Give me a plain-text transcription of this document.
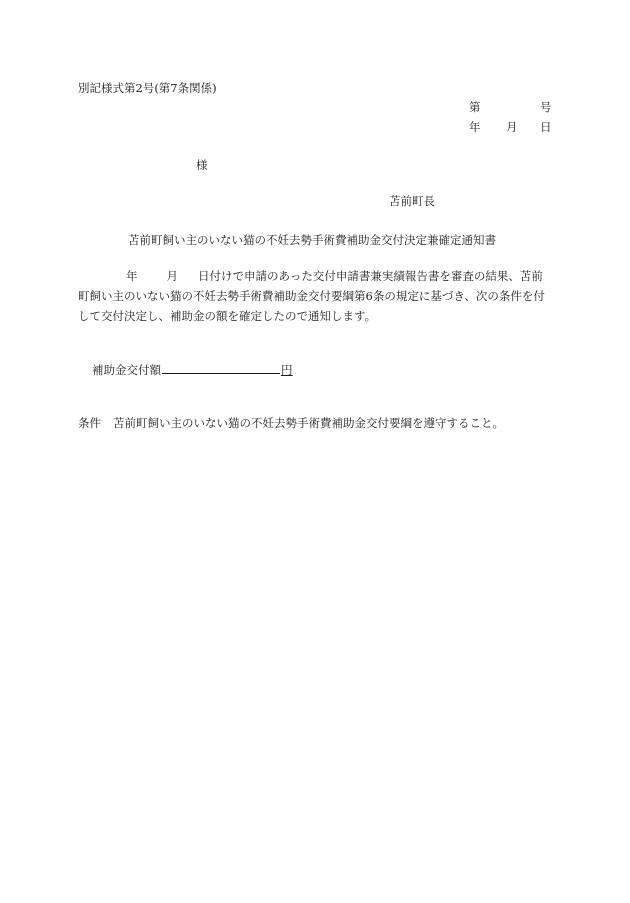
別記様式第2号(第7条関係)
第	号
年 月 日
様
苫前町長
苫前町飼い主のいない猫の不妊去勢手術費補助金交付決定兼確定通知書
年	月 日付けで申請のあった交付申請書兼実績報告書を審査の結果、苫前
町飼い主のいない猫の不妊去勢手術費補助金交付要綱第6条の規定に基づき、次の条件を付
して交付決定し、補助金の額を確定したので通知します。
補助金交付額	円
条件 苫前町飼い主のいない猫の不妊去勢手術費補助金交付要綱を遵守すること。
